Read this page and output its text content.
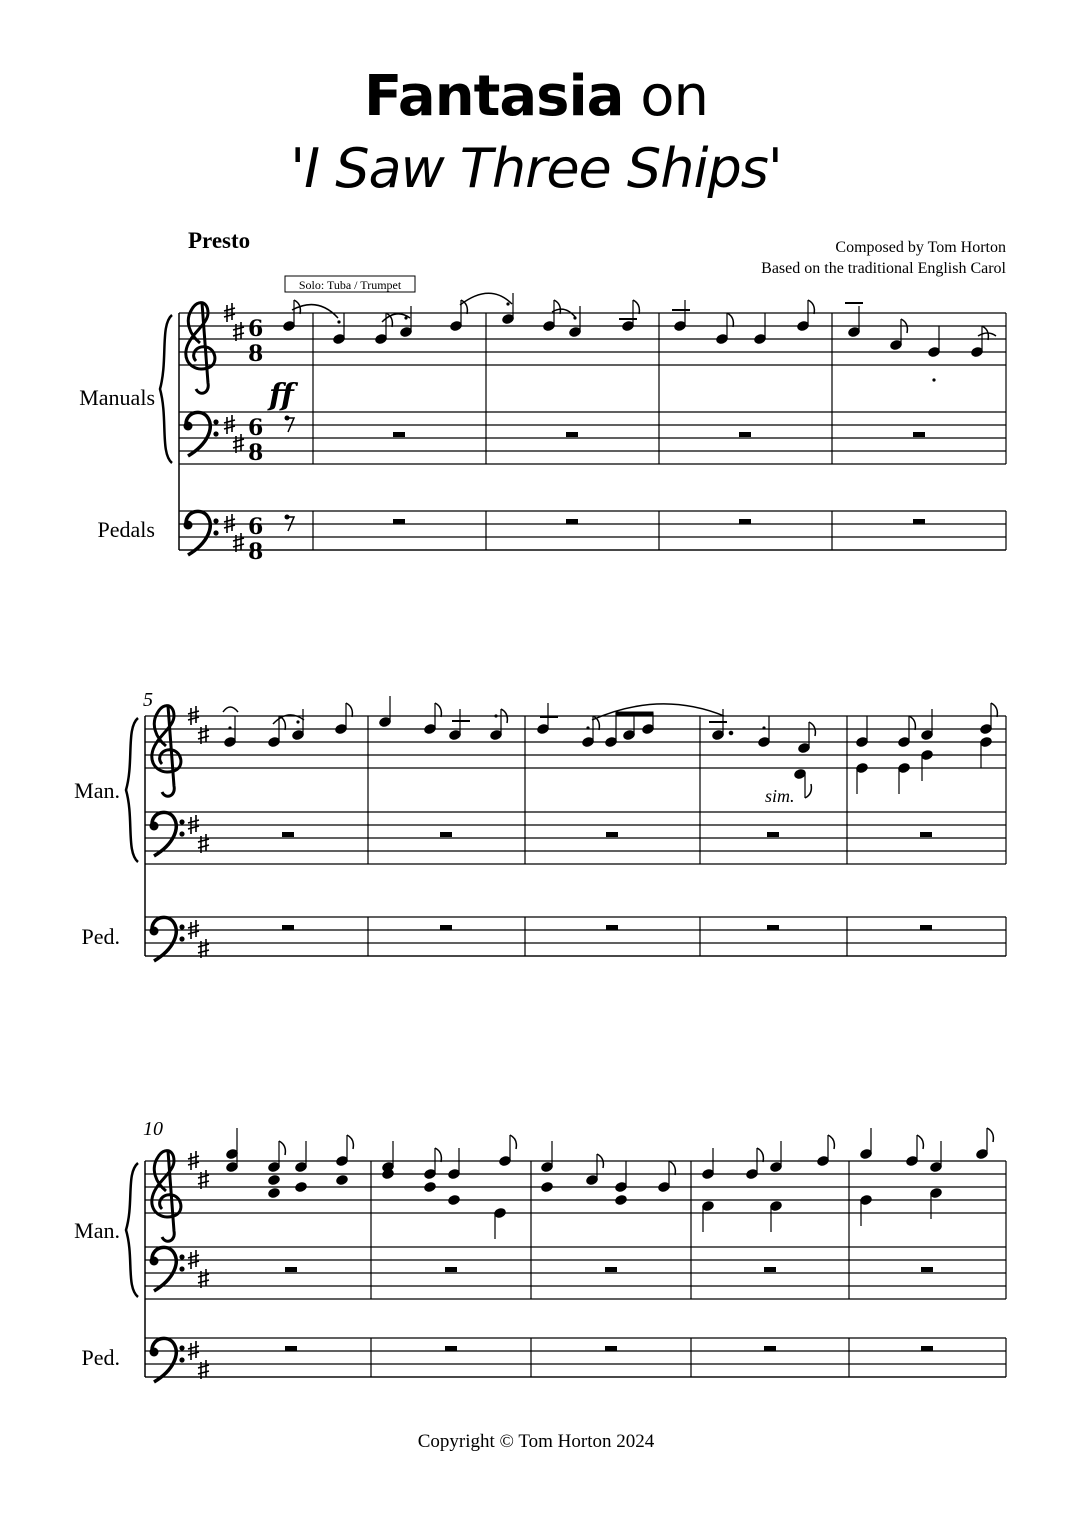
Fantasia on
'I Saw Three Ships'
Presto	Composed by Tom Horton
Based on the traditional English Carol
6
8
6
8
6
8
Manuals
Pedals
Solo: Tuba / Trumpet
ff
5
Man.
Ped.
sim.
10
Man.
Ped.
Copyright © Tom Horton 2024
